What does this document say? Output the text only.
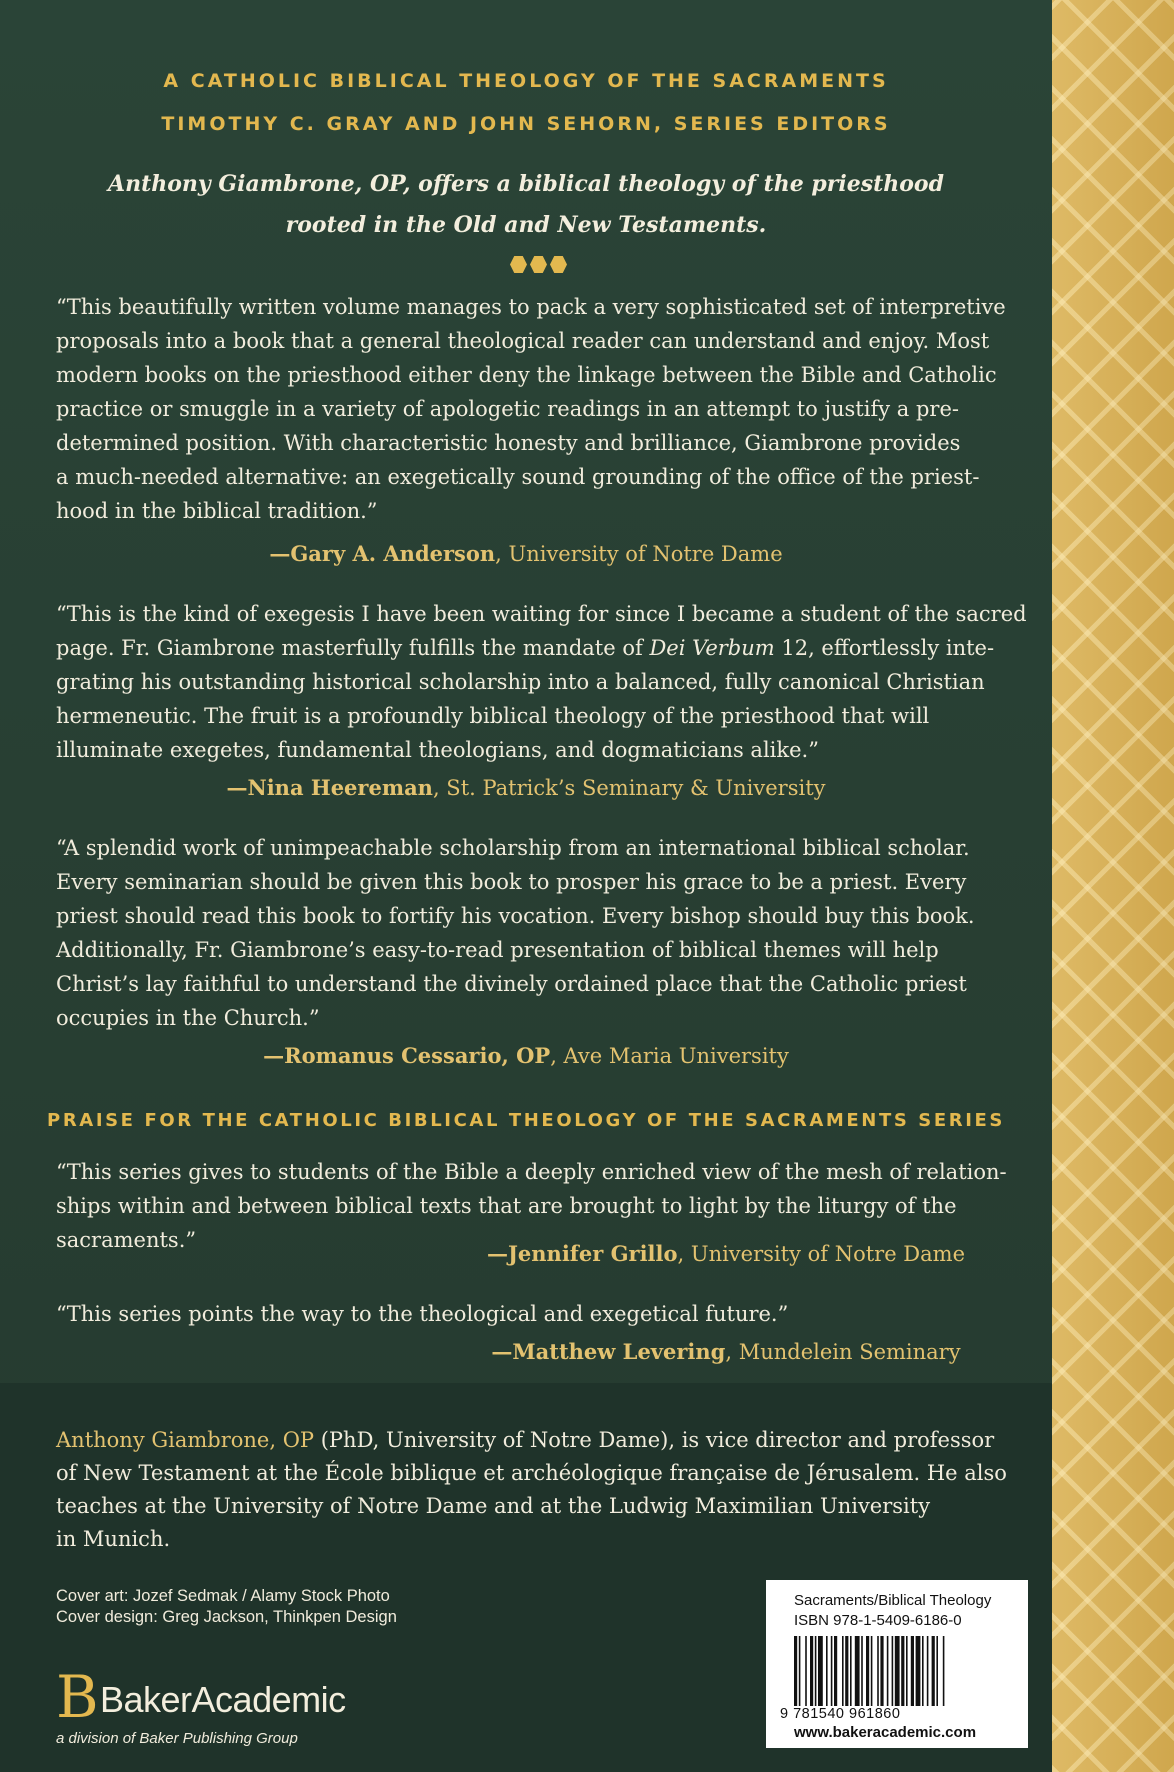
A CATHOLIC BIBLICAL THEOLOGY OF THE SACRAMENTS
TIMOTHY C. GRAY AND JOHN SEHORN, SERIES EDITORS
Anthony Giambrone, OP, offers a biblical theology of the priesthood
rooted in the Old and New Testaments.
“This beautifully written volume manages to pack a very sophisticated set of interpretive
proposals into a book that a general theological reader can understand and enjoy. Most
modern books on the priesthood either deny the linkage between the Bible and Catholic
practice or smuggle in a variety of apologetic readings in an attempt to justify a pre-
determined position. With characteristic honesty and brilliance, Giambrone provides
a much-needed alternative: an exegetically sound grounding of the office of the priest-
hood in the biblical tradition.”
—Gary A. Anderson, University of Notre Dame
“This is the kind of exegesis I have been waiting for since I became a student of the sacred
page. Fr. Giambrone masterfully fulfills the mandate of Dei Verbum 12, effortlessly inte-
grating his outstanding historical scholarship into a balanced, fully canonical Christian
hermeneutic. The fruit is a profoundly biblical theology of the priesthood that will
illuminate exegetes, fundamental theologians, and dogmaticians alike.”
—Nina Heereman, St. Patrick’s Seminary & University
“A splendid work of unimpeachable scholarship from an international biblical scholar.
Every seminarian should be given this book to prosper his grace to be a priest. Every
priest should read this book to fortify his vocation. Every bishop should buy this book.
Additionally, Fr. Giambrone’s easy-to-read presentation of biblical themes will help
Christ’s lay faithful to understand the divinely ordained place that the Catholic priest
occupies in the Church.”
—Romanus Cessario, OP, Ave Maria University
PRAISE FOR THE CATHOLIC BIBLICAL THEOLOGY OF THE SACRAMENTS SERIES
“This series gives to students of the Bible a deeply enriched view of the mesh of relation-
ships within and between biblical texts that are brought to light by the liturgy of the
sacraments.”
—Jennifer Grillo, University of Notre Dame
“This series points the way to the theological and exegetical future.”
—Matthew Levering, Mundelein Seminary
Anthony Giambrone, OP (PhD, University of Notre Dame), is vice director and professor
of New Testament at the École biblique et archéologique française de Jérusalem. He also
teaches at the University of Notre Dame and at the Ludwig Maximilian University
in Munich.
Cover art: Jozef Sedmak / Alamy Stock Photo
Cover design: Greg Jackson, Thinkpen Design
B BakerAcademic
a division of Baker Publishing Group
Sacraments/Biblical Theology
ISBN 978-1-5409-6186-0
9 781540 961860
www.bakeracademic.com
